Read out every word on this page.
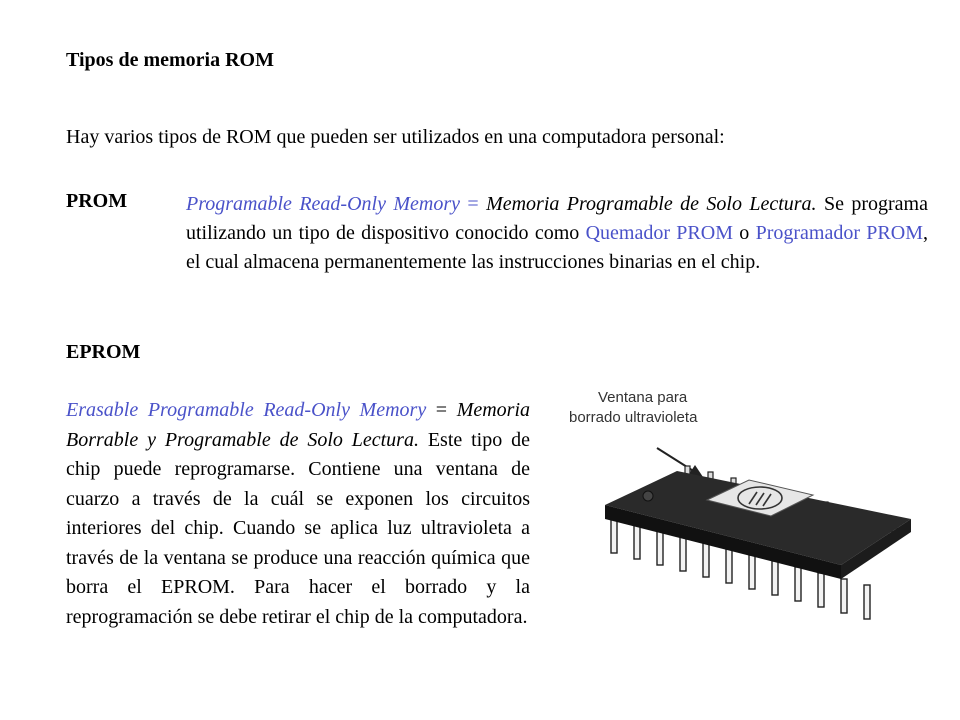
Tipos de memoria ROM
Hay varios tipos de ROM que pueden ser utilizados en una computadora personal:
PROM	Programable Read-Only Memory = Memoria Programable de Solo Lectura. Se programa utilizando un tipo de dispositivo conocido como Quemador PROM o Programador PROM, el cual almacena permanentemente las instrucciones binarias en el chip.
EPROM
Erasable Programable Read-Only Memory = Memoria Borrable y Programable de Solo Lectura. Este tipo de chip puede reprogramarse. Contiene una ventana de cuarzo a través de la cuál se exponen los circuitos interiores del chip. Cuando se aplica luz ultravioleta a través de la ventana se produce una reacción química que borra el EPROM. Para hacer el borrado y la reprogramación se debe retirar el chip de la computadora.
Ventana para
borrado ultravioleta
